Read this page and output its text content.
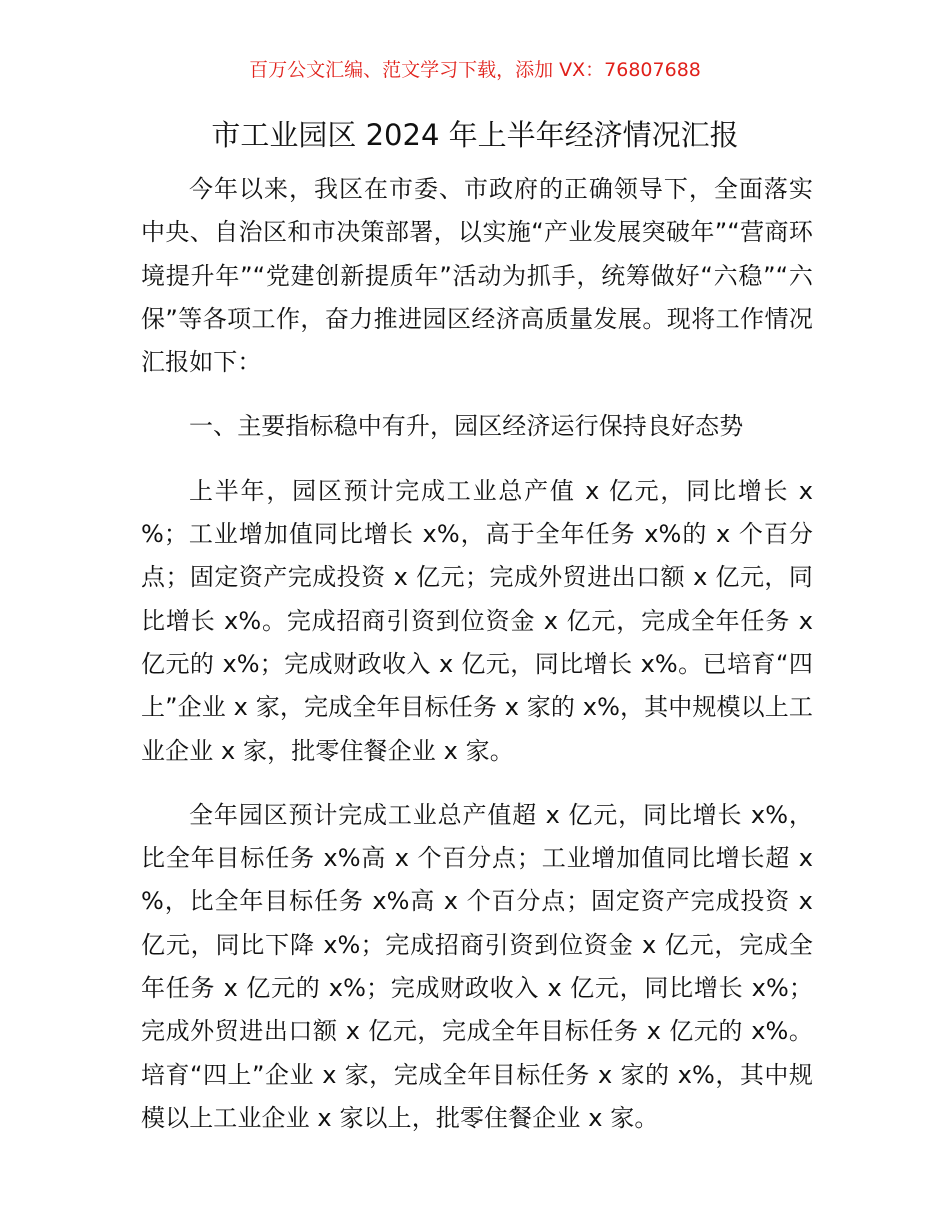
百万公文汇编、范文学习下载，添加 VX：76807688
市工业园区 2024 年上半年经济情况汇报

今年以来，我区在市委、市政府的正确领导下，全面落实中央、自治区和市决策部署，以实施“产业发展突破年”“营商环境提升年”“党建创新提质年”活动为抓手，统筹做好“六稳”“六保”等各项工作，奋力推进园区经济高质量发展。现将工作情况汇报如下：

一、主要指标稳中有升，园区经济运行保持良好态势

上半年，园区预计完成工业总产值 x 亿元，同比增长 x %；工业增加值同比增长 x%，高于全年任务 x%的 x 个百分点；固定资产完成投资 x 亿元；完成外贸进出口额 x 亿元，同比增长 x%。完成招商引资到位资金 x 亿元，完成全年任务 x 亿元的 x%；完成财政收入 x 亿元，同比增长 x%。已培育“四上”企业 x 家，完成全年目标任务 x 家的 x%，其中规模以上工业企业 x 家，批零住餐企业 x 家。

全年园区预计完成工业总产值超 x 亿元，同比增长 x%，比全年目标任务 x%高 x 个百分点；工业增加值同比增长超 x %，比全年目标任务 x%高 x 个百分点；固定资产完成投资 x 亿元，同比下降 x%；完成招商引资到位资金 x 亿元，完成全年任务 x 亿元的 x%；完成财政收入 x 亿元，同比增长 x%；完成外贸进出口额 x 亿元，完成全年目标任务 x 亿元的 x%。培育“四上”企业 x 家，完成全年目标任务 x 家的 x%，其中规模以上工业企业 x 家以上，批零住餐企业 x 家。
